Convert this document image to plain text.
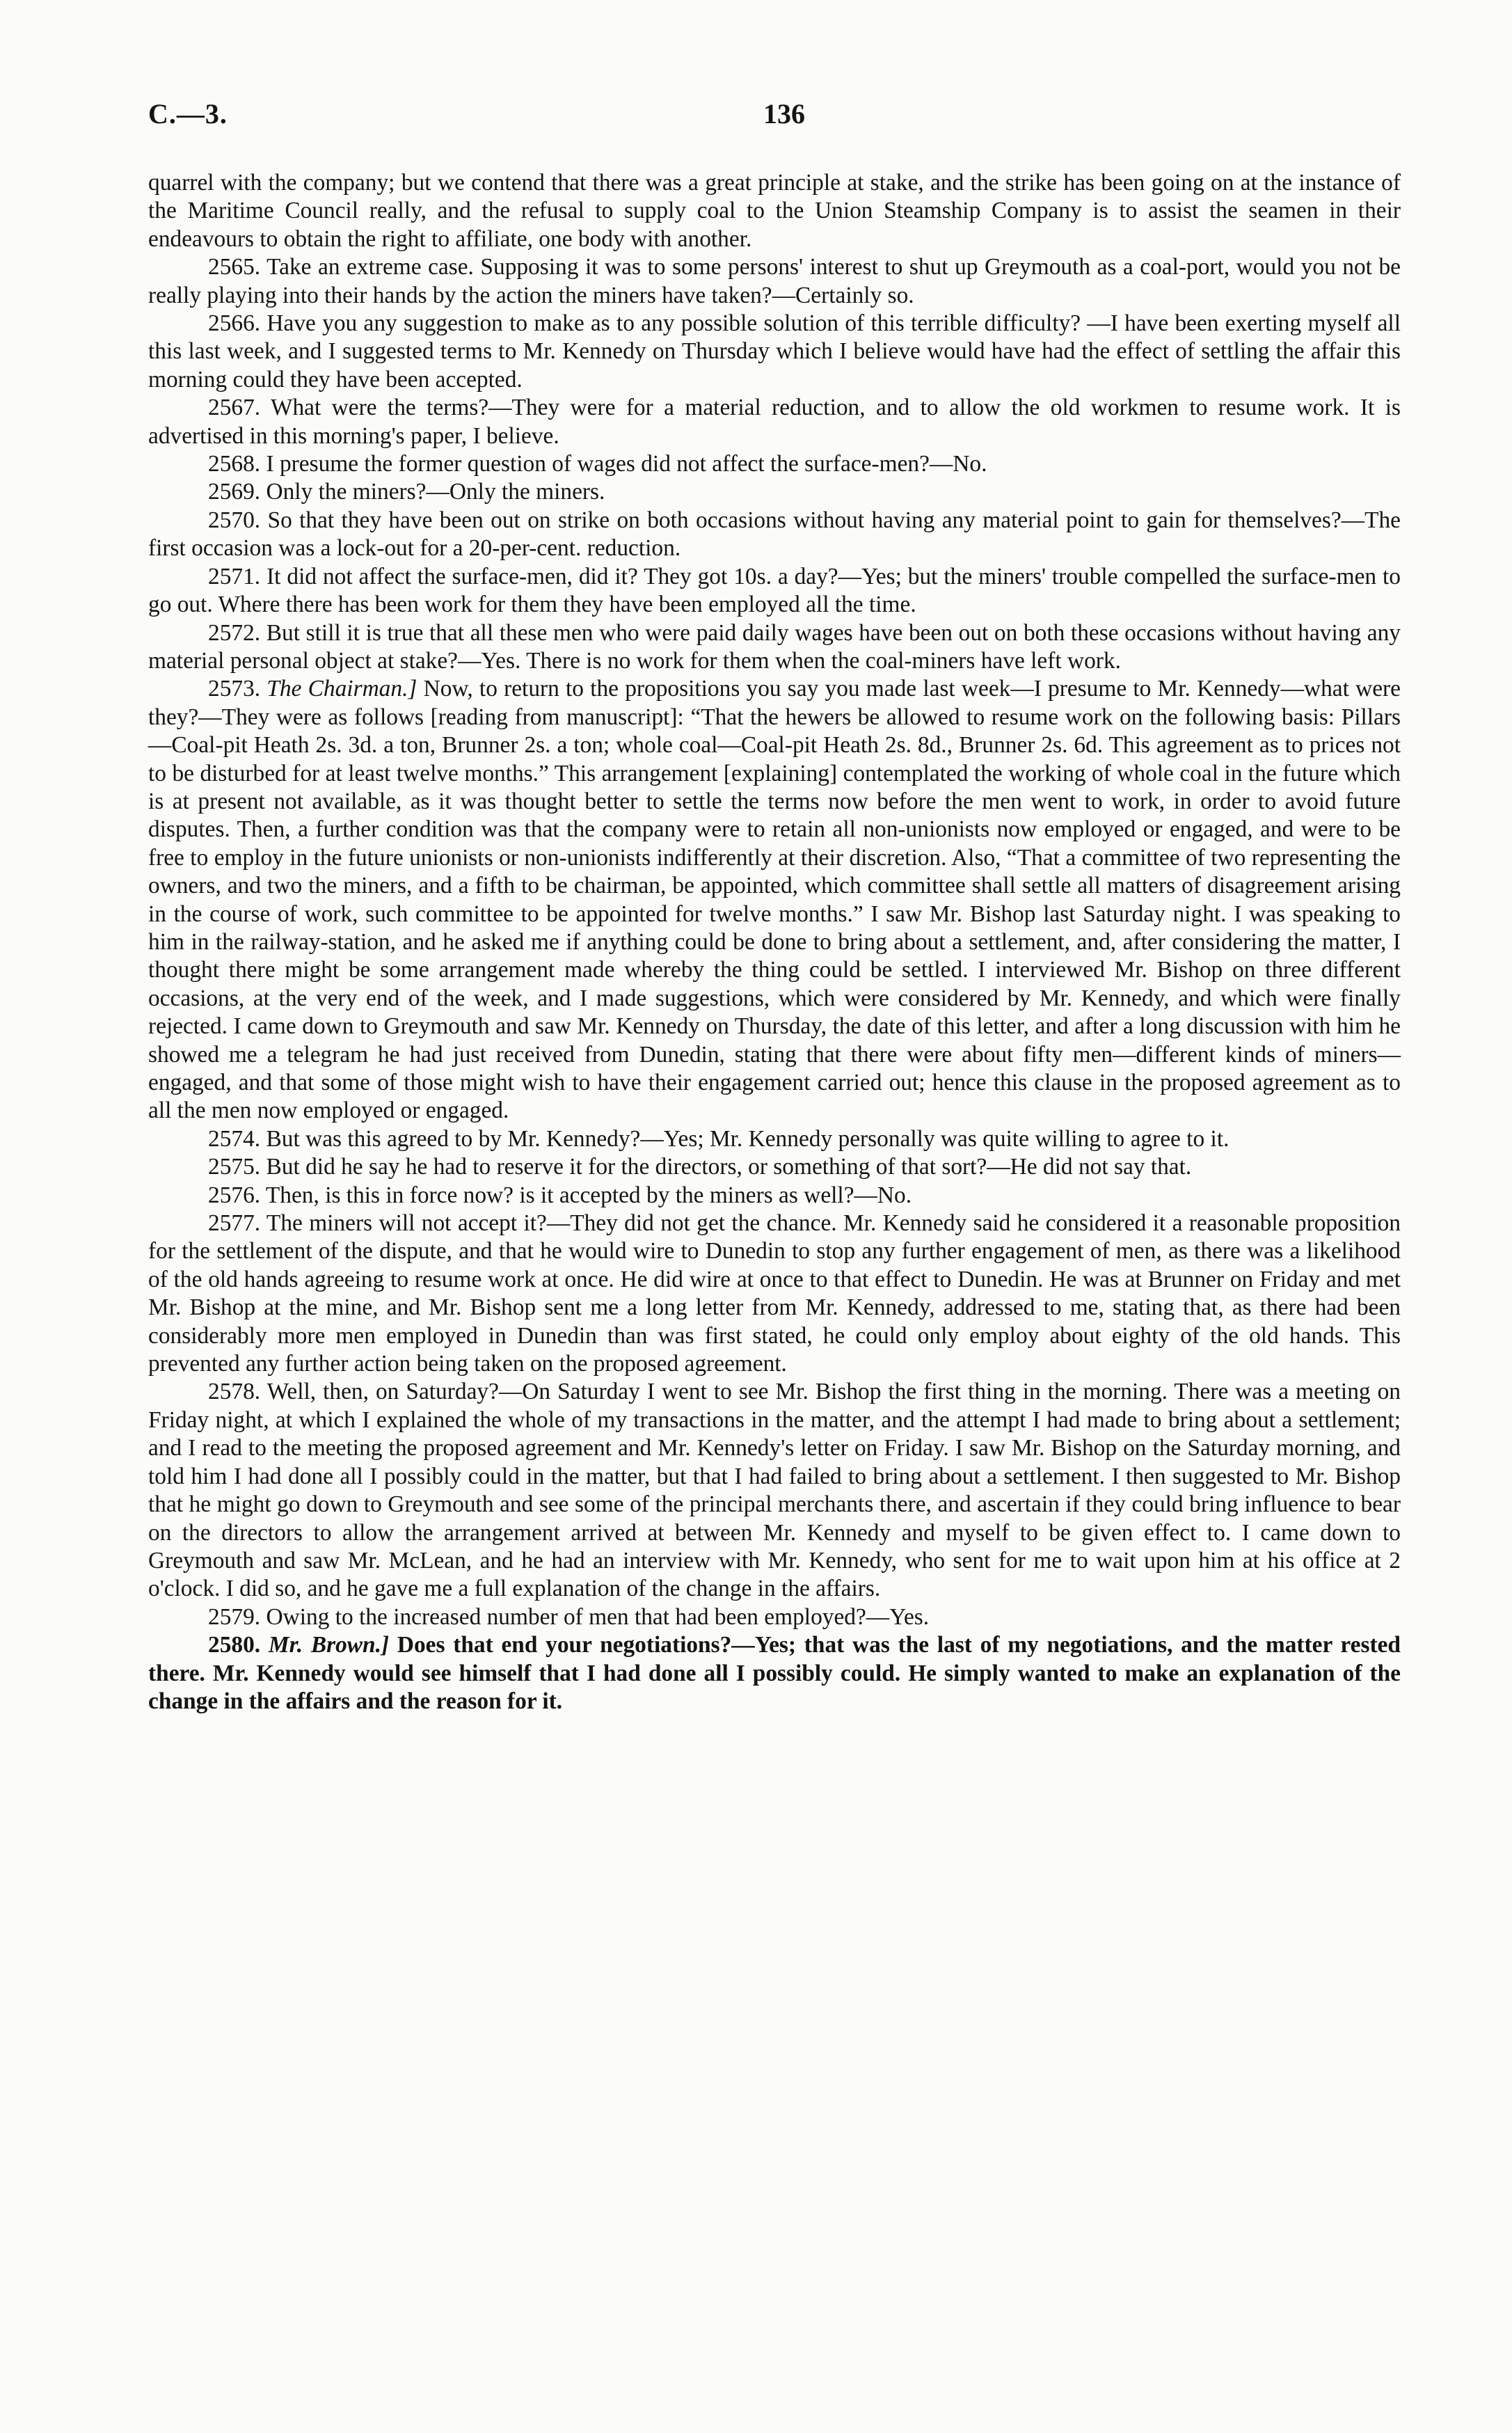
C.—3.	136

quarrel with the company; but we contend that there was a great principle at stake, and the strike has been going on at the instance of the Maritime Council really, and the refusal to supply coal to the Union Steamship Company is to assist the seamen in their endeavours to obtain the right to affiliate, one body with another.

2565. Take an extreme case. Supposing it was to some persons' interest to shut up Greymouth as a coal-port, would you not be really playing into their hands by the action the miners have taken?—Certainly so.

2566. Have you any suggestion to make as to any possible solution of this terrible difficulty? —I have been exerting myself all this last week, and I suggested terms to Mr. Kennedy on Thursday which I believe would have had the effect of settling the affair this morning could they have been accepted.

2567. What were the terms?—They were for a material reduction, and to allow the old workmen to resume work. It is advertised in this morning's paper, I believe.

2568. I presume the former question of wages did not affect the surface-men?—No.

2569. Only the miners?—Only the miners.

2570. So that they have been out on strike on both occasions without having any material point to gain for themselves?—The first occasion was a lock-out for a 20-per-cent. reduction.

2571. It did not affect the surface-men, did it? They got 10s. a day?—Yes; but the miners' trouble compelled the surface-men to go out. Where there has been work for them they have been employed all the time.

2572. But still it is true that all these men who were paid daily wages have been out on both these occasions without having any material personal object at stake?—Yes. There is no work for them when the coal-miners have left work.

2573. The Chairman.] Now, to return to the propositions you say you made last week—I presume to Mr. Kennedy—what were they?—They were as follows [reading from manuscript]: “That the hewers be allowed to resume work on the following basis: Pillars—Coal-pit Heath 2s. 3d. a ton, Brunner 2s. a ton; whole coal—Coal-pit Heath 2s. 8d., Brunner 2s. 6d. This agreement as to prices not to be disturbed for at least twelve months.” This arrangement [explaining] contemplated the working of whole coal in the future which is at present not available, as it was thought better to settle the terms now before the men went to work, in order to avoid future disputes. Then, a further condition was that the company were to retain all non-unionists now employed or engaged, and were to be free to employ in the future unionists or non-unionists indifferently at their discretion. Also, “That a committee of two representing the owners, and two the miners, and a fifth to be chairman, be appointed, which committee shall settle all matters of disagreement arising in the course of work, such committee to be appointed for twelve months.” I saw Mr. Bishop last Saturday night. I was speaking to him in the railway-station, and he asked me if anything could be done to bring about a settlement, and, after considering the matter, I thought there might be some arrangement made whereby the thing could be settled. I interviewed Mr. Bishop on three different occasions, at the very end of the week, and I made suggestions, which were considered by Mr. Kennedy, and which were finally rejected. I came down to Greymouth and saw Mr. Kennedy on Thursday, the date of this letter, and after a long discussion with him he showed me a telegram he had just received from Dunedin, stating that there were about fifty men—different kinds of miners—engaged, and that some of those might wish to have their engagement carried out; hence this clause in the proposed agreement as to all the men now employed or engaged.

2574. But was this agreed to by Mr. Kennedy?—Yes; Mr. Kennedy personally was quite willing to agree to it.

2575. But did he say he had to reserve it for the directors, or something of that sort?—He did not say that.

2576. Then, is this in force now? is it accepted by the miners as well?—No.

2577. The miners will not accept it?—They did not get the chance. Mr. Kennedy said he considered it a reasonable proposition for the settlement of the dispute, and that he would wire to Dunedin to stop any further engagement of men, as there was a likelihood of the old hands agreeing to resume work at once. He did wire at once to that effect to Dunedin. He was at Brunner on Friday and met Mr. Bishop at the mine, and Mr. Bishop sent me a long letter from Mr. Kennedy, addressed to me, stating that, as there had been considerably more men employed in Dunedin than was first stated, he could only employ about eighty of the old hands. This prevented any further action being taken on the proposed agreement.

2578. Well, then, on Saturday?—On Saturday I went to see Mr. Bishop the first thing in the morning. There was a meeting on Friday night, at which I explained the whole of my transactions in the matter, and the attempt I had made to bring about a settlement; and I read to the meeting the proposed agreement and Mr. Kennedy's letter on Friday. I saw Mr. Bishop on the Saturday morning, and told him I had done all I possibly could in the matter, but that I had failed to bring about a settlement. I then suggested to Mr. Bishop that he might go down to Greymouth and see some of the principal merchants there, and ascertain if they could bring influence to bear on the directors to allow the arrangement arrived at between Mr. Kennedy and myself to be given effect to. I came down to Greymouth and saw Mr. McLean, and he had an interview with Mr. Kennedy, who sent for me to wait upon him at his office at 2 o'clock. I did so, and he gave me a full explanation of the change in the affairs.

2579. Owing to the increased number of men that had been employed?—Yes.

2580. Mr. Brown.] Does that end your negotiations?—Yes; that was the last of my negotiations, and the matter rested there. Mr. Kennedy would see himself that I had done all I possibly could. He simply wanted to make an explanation of the change in the affairs and the reason for it.
